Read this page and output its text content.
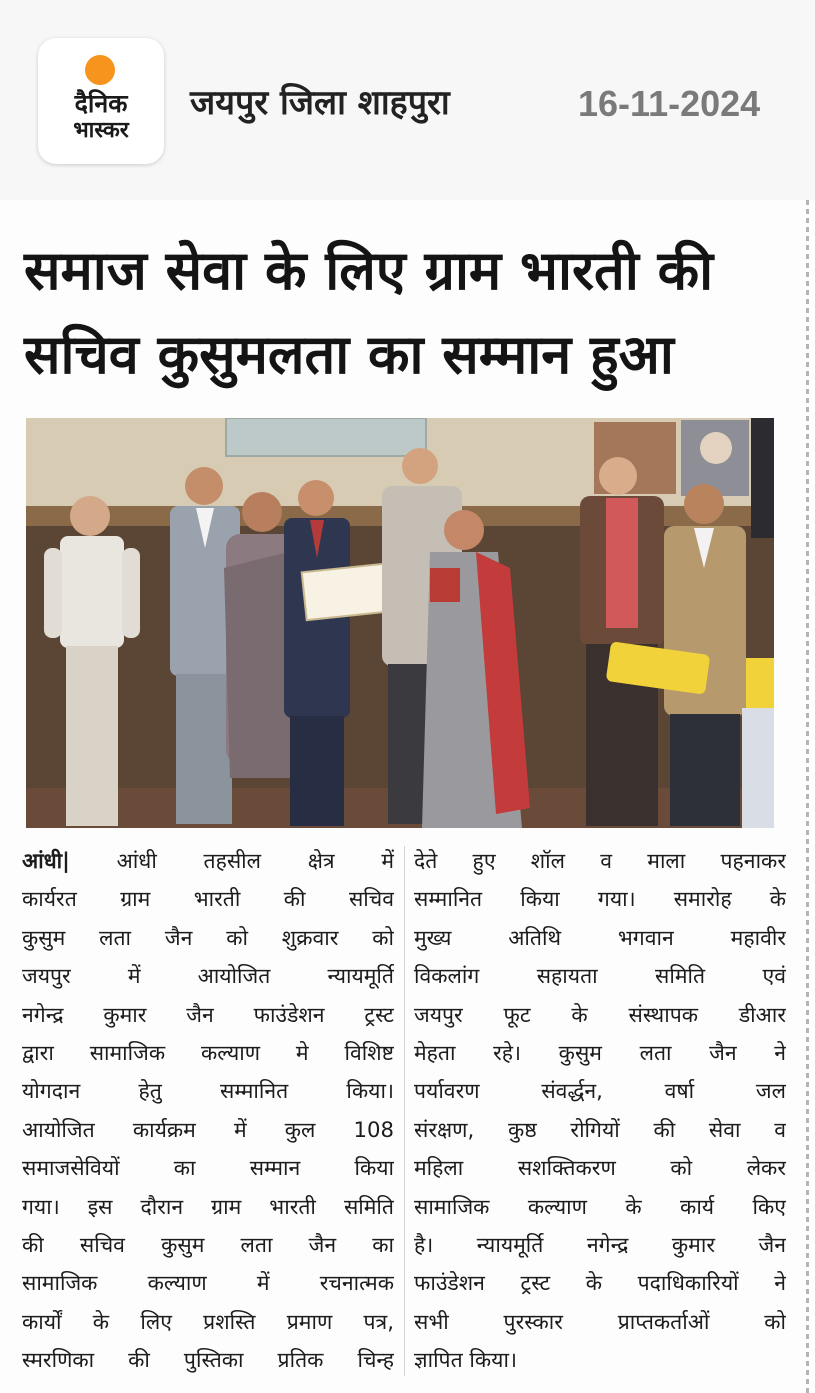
दैनिक
भास्कर
जयपुर जिला शाहपुरा	16-11-2024
समाज सेवा के लिए ग्राम भारती की
सचिव कुसुमलता का सम्मान हुआ
आंधी| आंधी तहसील क्षेत्र में
कार्यरत ग्राम भारती की सचिव
कुसुम लता जैन को शुक्रवार को
जयपुर में आयोजित न्यायमूर्ति
नगेन्द्र कुमार जैन फाउंडेशन ट्रस्ट
द्वारा सामाजिक कल्याण मे विशिष्ट
योगदान हेतु सम्मानित किया।
आयोजित कार्यक्रम में कुल 108
समाजसेवियों का सम्मान किया
गया। इस दौरान ग्राम भारती समिति
की सचिव कुसुम लता जैन का
सामाजिक कल्याण में रचनात्मक
कार्यों के लिए प्रशस्ति प्रमाण पत्र,
स्मरणिका की पुस्तिका प्रतिक चिन्ह
देते हुए शॉल व माला पहनाकर
सम्मानित किया गया। समारोह के
मुख्य अतिथि भगवान महावीर
विकलांग सहायता समिति एवं
जयपुर फूट के संस्थापक डीआर
मेहता रहे। कुसुम लता जैन ने
पर्यावरण संवर्द्धन, वर्षा जल
संरक्षण, कुष्ठ रोगियों की सेवा व
महिला सशक्तिकरण को लेकर
सामाजिक कल्याण के कार्य किए
है। न्यायमूर्ति नगेन्द्र कुमार जैन
फाउंडेशन ट्रस्ट के पदाधिकारियों ने
सभी पुरस्कार प्राप्तकर्ताओं को
ज्ञापित किया।
